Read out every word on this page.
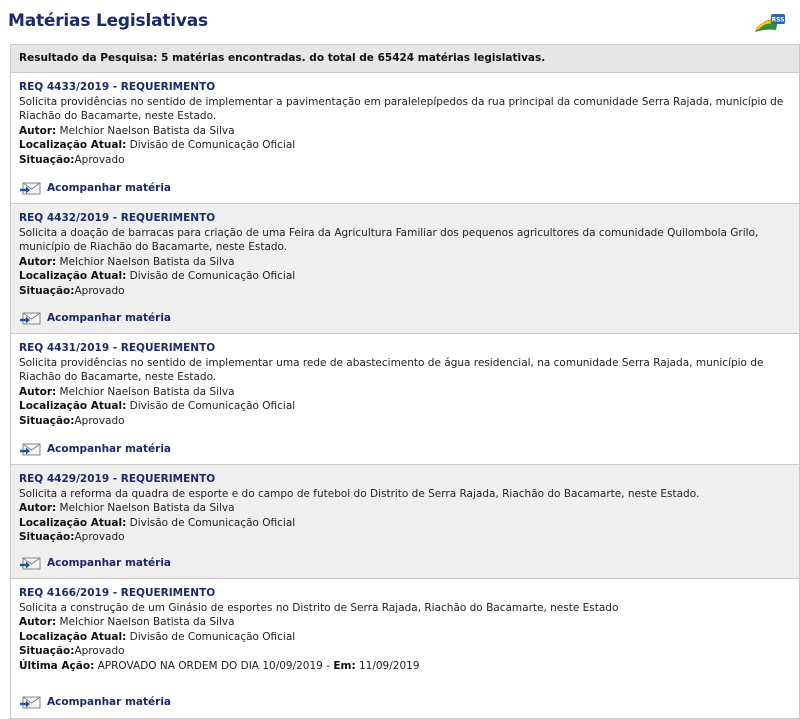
Matérias Legislativas	RSS
Resultado da Pesquisa: 5 matérias encontradas. do total de 65424 matérias legislativas.
REQ 4433/2019 - REQUERIMENTO
Solicita providências no sentido de implementar a pavimentação em paralelepípedos da rua principal da comunidade Serra Rajada, município de Riachão do Bacamarte, neste Estado.
Autor: Melchior Naelson Batista da Silva
Localização Atual: Divisão de Comunicação Oficial
Situação:Aprovado
Acompanhar matéria
REQ 4432/2019 - REQUERIMENTO
Solicita a doação de barracas para criação de uma Feira da Agricultura Familiar dos pequenos agricultores da comunidade Quilombola Grilo, município de Riachão do Bacamarte, neste Estado.
Autor: Melchior Naelson Batista da Silva
Localização Atual: Divisão de Comunicação Oficial
Situação:Aprovado
Acompanhar matéria
REQ 4431/2019 - REQUERIMENTO
Solicita providências no sentido de implementar uma rede de abastecimento de água residencial, na comunidade Serra Rajada, município de Riachão do Bacamarte, neste Estado.
Autor: Melchior Naelson Batista da Silva
Localização Atual: Divisão de Comunicação Oficial
Situação:Aprovado
Acompanhar matéria
REQ 4429/2019 - REQUERIMENTO
Solicita a reforma da quadra de esporte e do campo de futebol do Distrito de Serra Rajada, Riachão do Bacamarte, neste Estado.
Autor: Melchior Naelson Batista da Silva
Localização Atual: Divisão de Comunicação Oficial
Situação:Aprovado
Acompanhar matéria
REQ 4166/2019 - REQUERIMENTO
Solicita a construção de um Ginásio de esportes no Distrito de Serra Rajada, Riachão do Bacamarte, neste Estado
Autor: Melchior Naelson Batista da Silva
Localização Atual: Divisão de Comunicação Oficial
Situação:Aprovado
Última Ação: APROVADO NA ORDEM DO DIA 10/09/2019 - Em: 11/09/2019
Acompanhar matéria
